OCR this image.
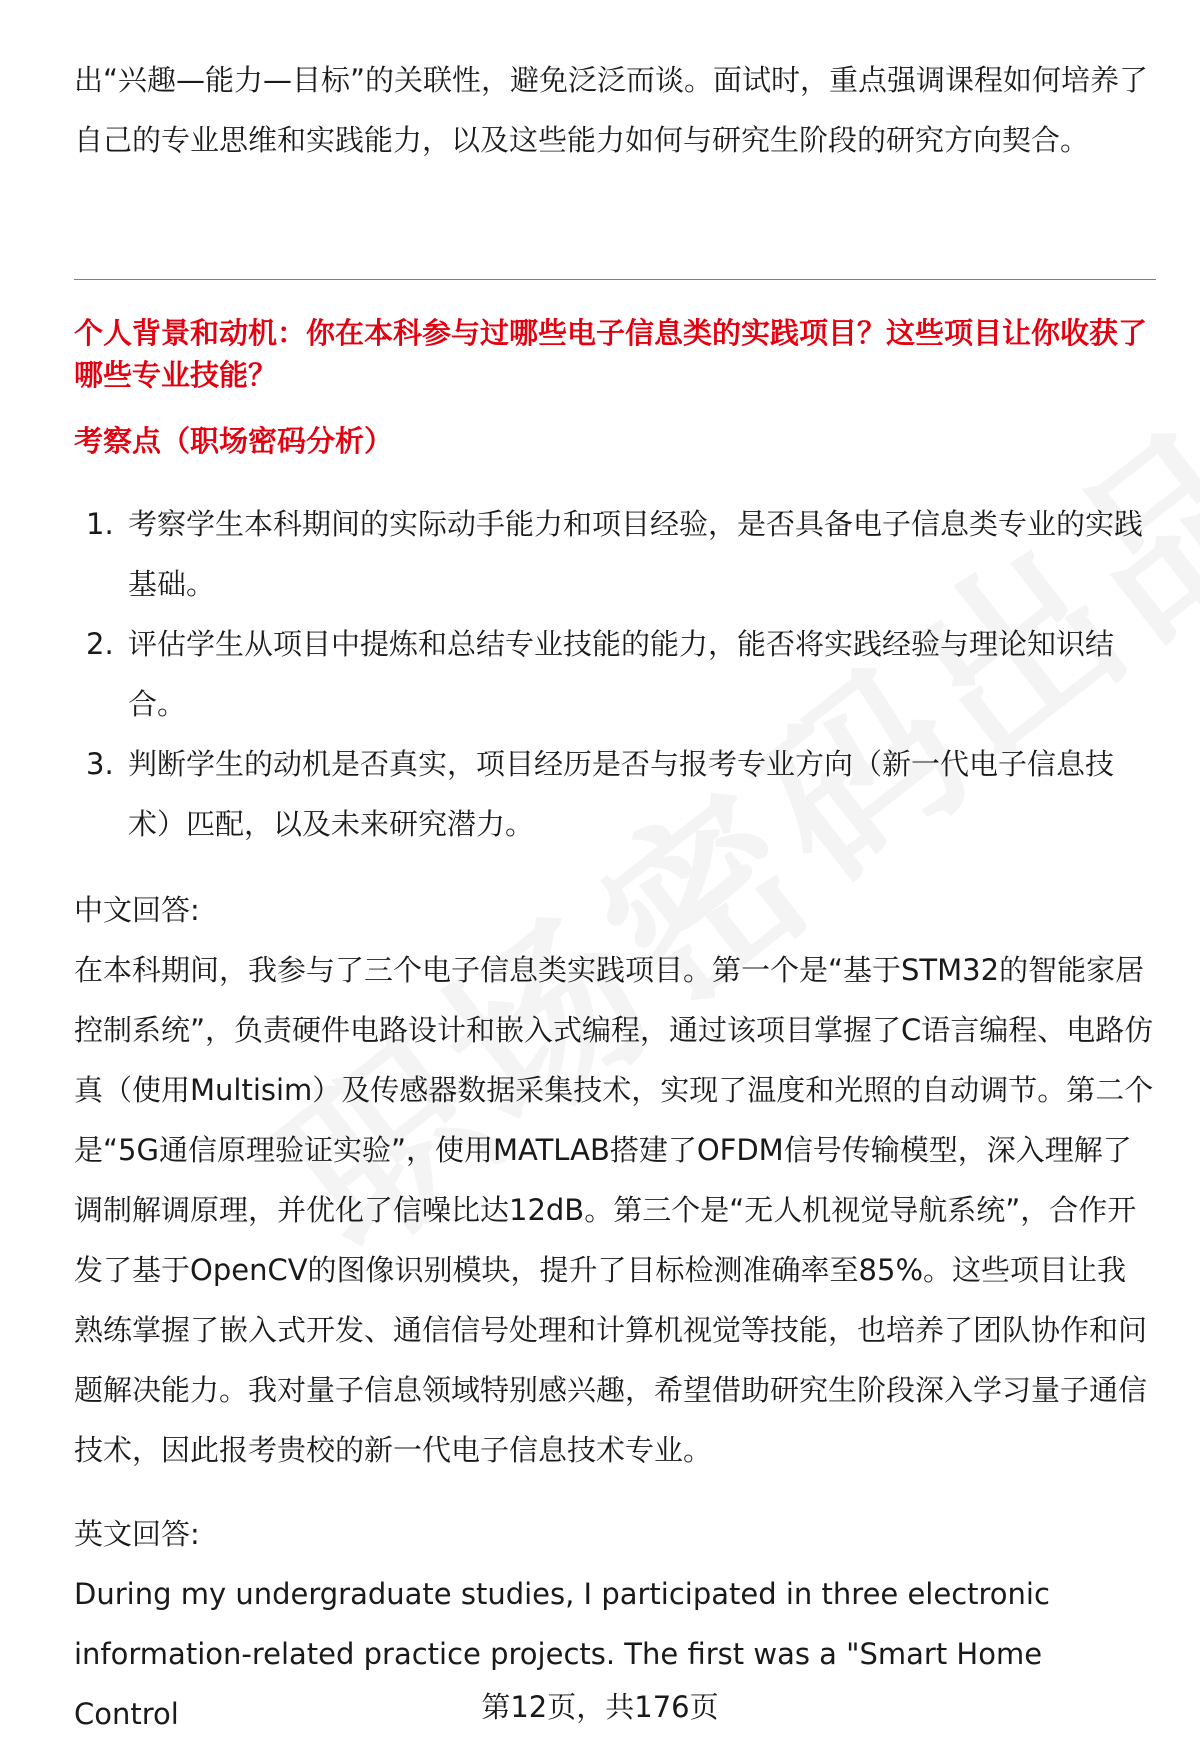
出“兴趣—能力—目标”的关联性，避免泛泛而谈。面试时，重点强调课程如何培养了自己的专业思维和实践能力，以及这些能力如何与研究生阶段的研究方向契合。

个人背景和动机：你在本科参与过哪些电子信息类的实践项目？这些项目让你收获了哪些专业技能？

考察点（职场密码分析）

1. 考察学生本科期间的实际动手能力和项目经验，是否具备电子信息类专业的实践基础。
2. 评估学生从项目中提炼和总结专业技能的能力，能否将实践经验与理论知识结合。
3. 判断学生的动机是否真实，项目经历是否与报考专业方向（新一代电子信息技术）匹配，以及未来研究潜力。

中文回答:

在本科期间，我参与了三个电子信息类实践项目。第一个是“基于STM32的智能家居控制系统”，负责硬件电路设计和嵌入式编程，通过该项目掌握了C语言编程、电路仿真（使用Multisim）及传感器数据采集技术，实现了温度和光照的自动调节。第二个是“5G通信原理验证实验”，使用MATLAB搭建了OFDM信号传输模型，深入理解了调制解调原理，并优化了信噪比达12dB。第三个是“无人机视觉导航系统”，合作开发了基于OpenCV的图像识别模块，提升了目标检测准确率至85%。这些项目让我熟练掌握了嵌入式开发、通信信号处理和计算机视觉等技能，也培养了团队协作和问题解决能力。我对量子信息领域特别感兴趣，希望借助研究生阶段深入学习量子通信技术，因此报考贵校的新一代电子信息技术专业。

英文回答:

During my undergraduate studies, I participated in three electronic information-related practice projects. The first was a "Smart Home Control	第12页，共176页
